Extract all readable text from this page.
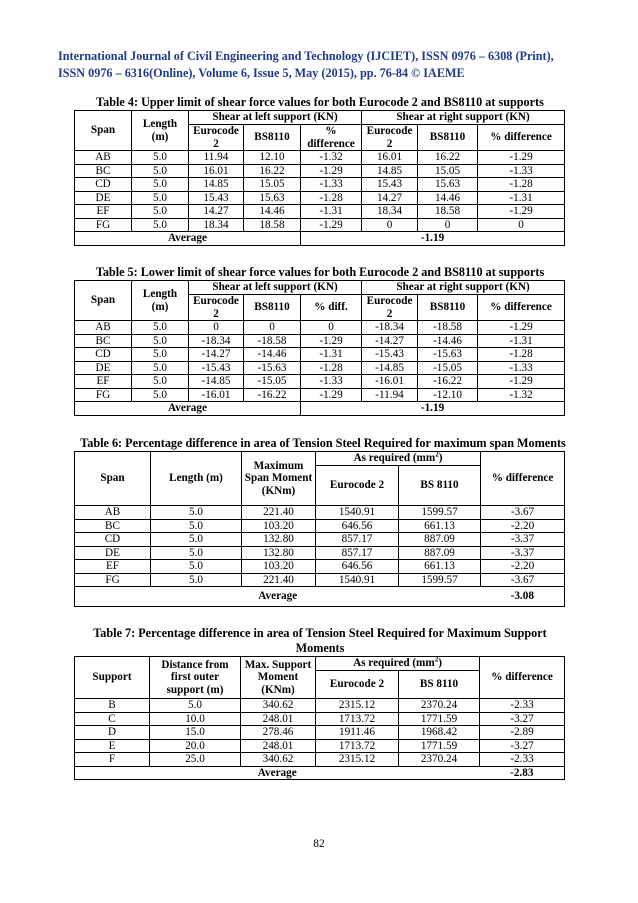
International Journal of Civil Engineering and Technology (IJCIET), ISSN 0976 – 6308 (Print),
ISSN 0976 – 6316(Online), Volume 6, Issue 5, May (2015), pp. 76-84 © IAEME
Table 4: Upper limit of shear force values for both Eurocode 2 and BS8110 at supports
Span	Length (m)	Shear at left support (KN)			Shear at right support (KN)		
		Eurocode 2	BS8110	% difference	Eurocode 2	BS8110	% difference
AB	5.0	11.94	12.10	-1.32	16.01	16.22	-1.29
BC	5.0	16.01	16.22	-1.29	14.85	15.05	-1.33
CD	5.0	14.85	15.05	-1.33	15.43	15.63	-1.28
DE	5.0	15.43	15.63	-1.28	14.27	14.46	-1.31
EF	5.0	14.27	14.46	-1.31	18.34	18.58	-1.29
FG	5.0	18.34	18.58	-1.29	0	0	0
Average				-1.19			
Table 5: Lower limit of shear force values for both Eurocode 2 and BS8110 at supports
Span	Length (m)	Shear at left support (KN)			Shear at right support (KN)		
		Eurocode 2	BS8110	% diff.	Eurocode 2	BS8110	% difference
AB	5.0	0	0	0	-18.34	-18.58	-1.29
BC	5.0	-18.34	-18.58	-1.29	-14.27	-14.46	-1.31
CD	5.0	-14.27	-14.46	-1.31	-15.43	-15.63	-1.28
DE	5.0	-15.43	-15.63	-1.28	-14.85	-15.05	-1.33
EF	5.0	-14.85	-15.05	-1.33	-16.01	-16.22	-1.29
FG	5.0	-16.01	-16.22	-1.29	-11.94	-12.10	-1.32
Average				-1.19			
Table 6: Percentage difference in area of Tension Steel Required for maximum span Moments
Span	Length (m)	Maximum Span Moment (KNm)	As required $(mm^2)$		% difference
			Eurocode 2	BS 8110	
AB	5.0	221.40	1540.91	1599.57	-3.67
BC	5.0	103.20	646.56	661.13	-2.20
CD	5.0	132.80	857.17	887.09	-3.37
DE	5.0	132.80	857.17	887.09	-3.37
EF	5.0	103.20	646.56	661.13	-2.20
FG	5.0	221.40	1540.91	1599.57	-3.67
Average					-3.08
Table 7: Percentage difference in area of Tension Steel Required for Maximum Support
Moments
Support	Distance from first outer support (m)	Max. Support Moment (KNm)	As required $(mm^2)$		% difference
			Eurocode 2	BS 8110	
B	5.0	340.62	2315.12	2370.24	-2.33
C	10.0	248.01	1713.72	1771.59	-3.27
D	15.0	278.46	1911.46	1968.42	-2.89
E	20.0	248.01	1713.72	1771.59	-3.27
F	25.0	340.62	2315.12	2370.24	-2.33
Average					-2.83
82
